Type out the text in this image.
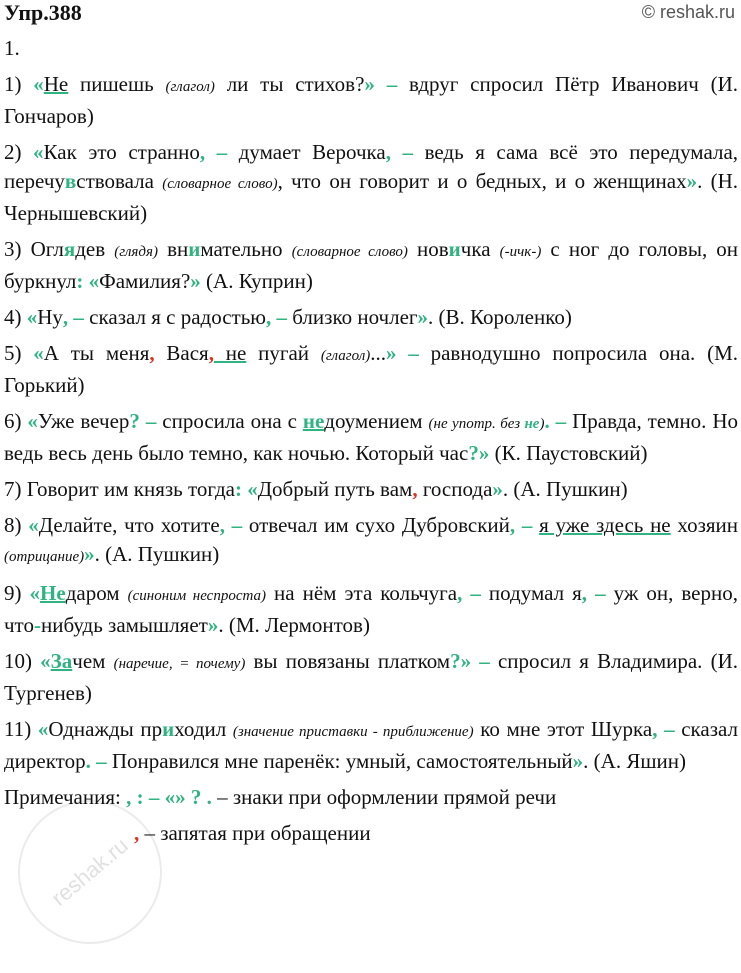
Упр.388	© reshak.ru
reshak.ru

1.

1) «Не пишешь (глагол) ли ты стихов?» – вдруг спросил Пётр Иванович (И. Гончаров)

2) «Как это странно, – думает Верочка, – ведь я сама всё это передумала, перечувствовала (словарное слово), что он говорит и о бедных, и о женщинах». (Н. Чернышевский)

3) Оглядев (глядя) внимательно (словарное слово) новичка (-ичк-) с ног до головы, он буркнул: «Фамилия?» (А. Куприн)

4) «Ну, – сказал я с радостью, – близко ночлег». (В. Короленко)

5) «А ты меня, Вася, не пугай (глагол)...» – равнодушно попросила она. (М. Горький)

6) «Уже вечер? – спросила она с недоумением (не употр. без не). – Правда, темно. Но ведь весь день было темно, как ночью. Который час?» (К. Паустовский)

7) Говорит им князь тогда: «Добрый путь вам, господа». (А. Пушкин)

8) «Делайте, что хотите, – отвечал им сухо Дубровский, – я уже здесь не хозяин (отрицание)». (А. Пушкин)

9) «Недаром (синоним неспроста) на нём эта кольчуга, – подумал я, – уж он, верно, что-нибудь замышляет». (М. Лермонтов)

10) «Зачем (наречие, = почему) вы повязаны платком?» – спросил я Владимира. (И. Тургенев)

11) «Однажды приходил (значение приставки - приближение) ко мне этот Шурка, – сказал директор. – Понравился мне паренёк: умный, самостоятельный». (А. Яшин)

Примечания: , : – «» ? . – знаки при оформлении прямой речи

, – запятая при обращении
